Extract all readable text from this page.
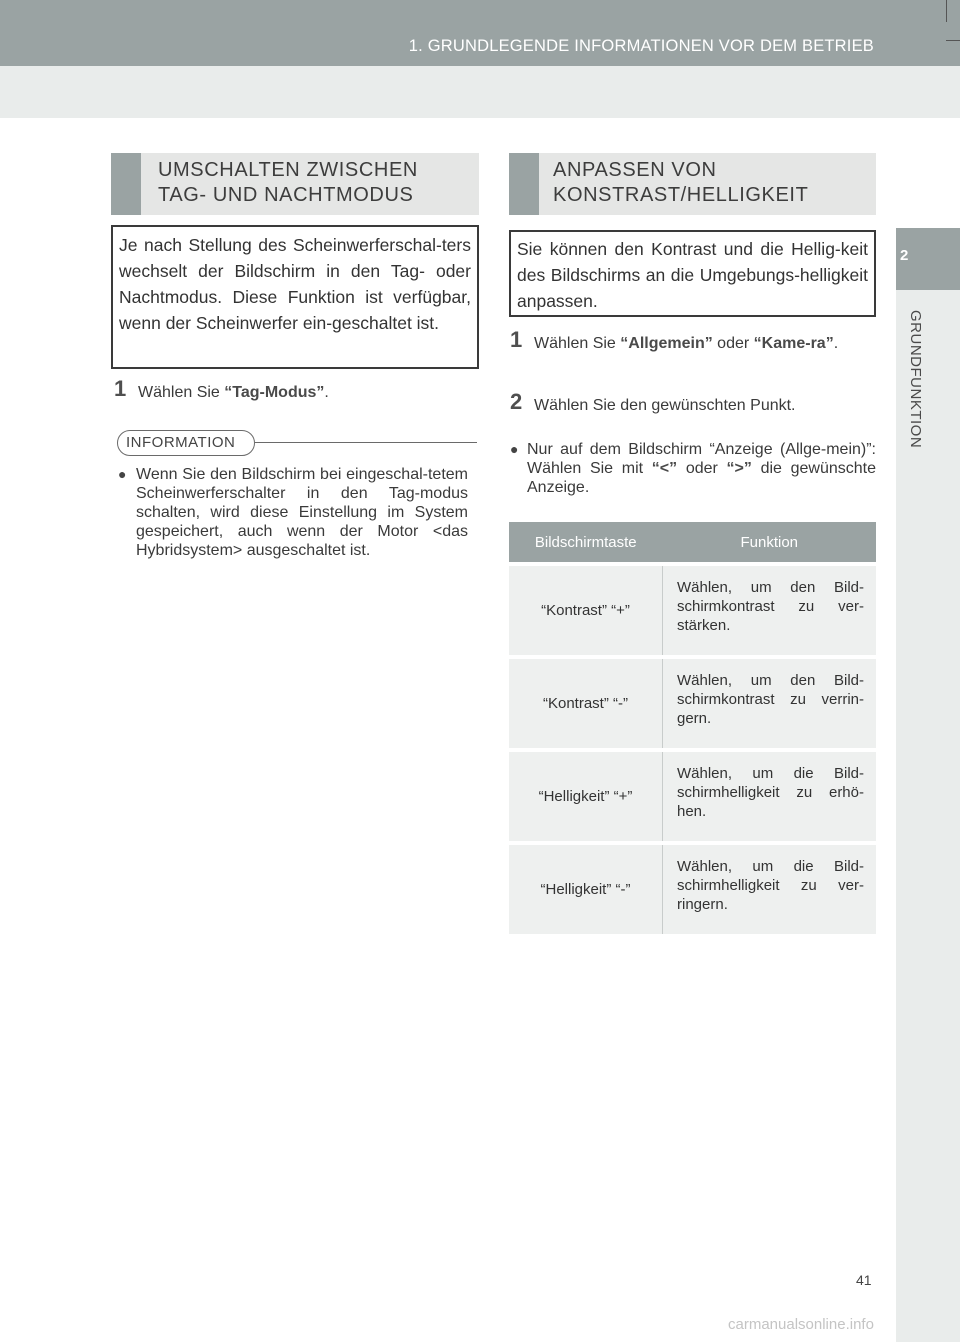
1. GRUNDLEGENDE INFORMATIONEN VOR DEM BETRIEB
2
GRUNDFUNKTION
UMSCHALTEN ZWISCHEN
TAG- UND NACHTMODUS
Je nach Stellung des Scheinwerferschal-ters wechselt der Bildschirm in den Tag- oder Nachtmodus. Diese Funktion ist verfügbar, wenn der Scheinwerfer ein-geschaltet ist.
1 Wählen Sie “Tag-Modus”.
INFORMATION
● Wenn Sie den Bildschirm bei eingeschal-tetem Scheinwerferschalter in den Tag-modus schalten, wird diese Einstellung im System gespeichert, auch wenn der Motor <das Hybridsystem> ausgeschaltet ist.
ANPASSEN VON
KONSTRAST/HELLIGKEIT
Sie können den Kontrast und die Hellig-keit des Bildschirms an die Umgebungs-helligkeit anpassen.
1 Wählen Sie “Allgemein” oder “Kame-ra”.
2 Wählen Sie den gewünschten Punkt.
● Nur auf dem Bildschirm “Anzeige (Allge-mein)”: Wählen Sie mit “<” oder “>” die gewünschte Anzeige.
Bildschirmtaste	Funktion
“Kontrast” “+”	Wählen, um den Bild-schirmkontrast zu ver-stärken.
“Kontrast” “-”	Wählen, um den Bild-schirmkontrast zu verrin-gern.
“Helligkeit” “+”	Wählen, um die Bild-schirmhelligkeit zu erhö-hen.
“Helligkeit” “-”	Wählen, um die Bild-schirmhelligkeit zu ver-ringern.
41
carmanualsonline.info
